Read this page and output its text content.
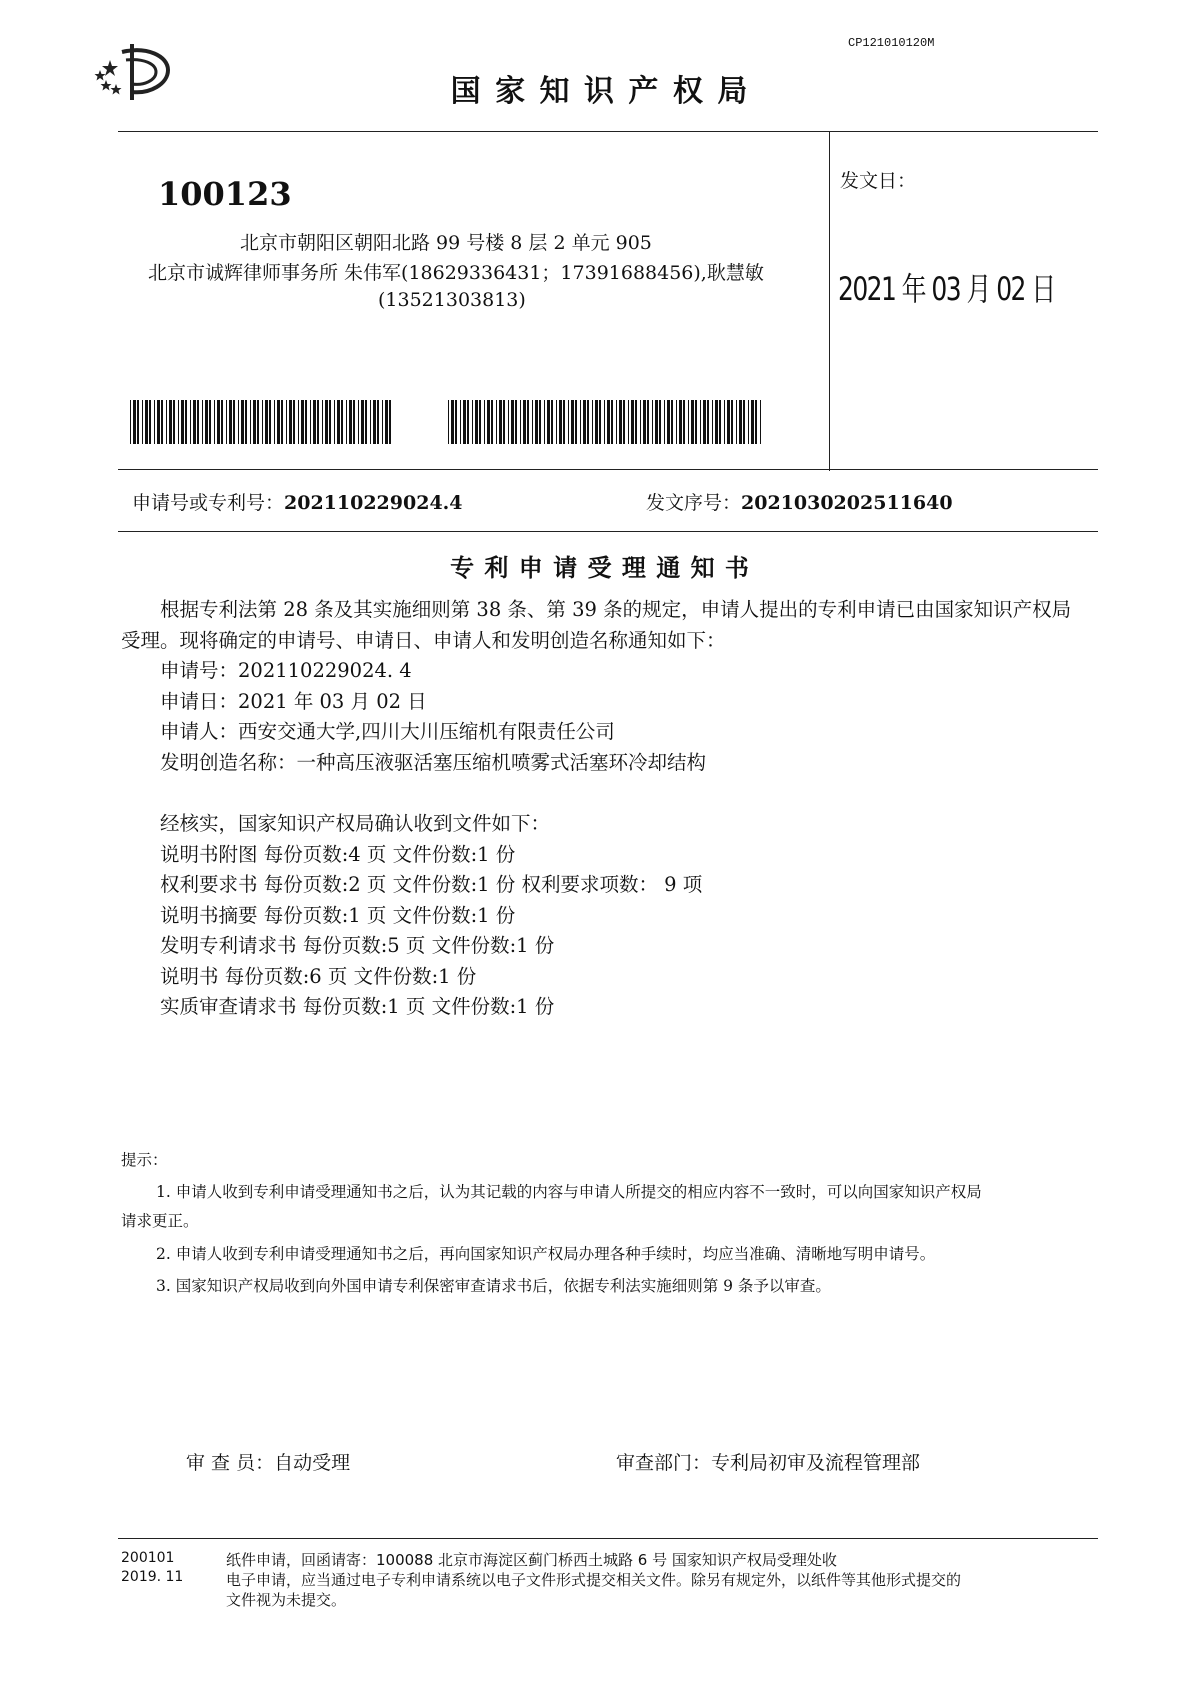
CP121010120M
国 家 知 识 产 权 局
100123
北京市朝阳区朝阳北路 99 号楼 8 层 2 单元 905
北京市诚辉律师事务所 朱伟军(18629336431；17391688456),耿慧敏
(13521303813)
发文日：
2021 年 03 月 02 日
申请号或专利号：202110229024.4	发文序号：2021030202511640
专 利 申 请 受 理 通 知 书
根据专利法第 28 条及其实施细则第 38 条、第 39 条的规定，申请人提出的专利申请已由国家知识产权局
受理。现将确定的申请号、申请日、申请人和发明创造名称通知如下：
申请号：202110229024. 4
申请日：2021 年 03 月 02 日
申请人：西安交通大学,四川大川压缩机有限责任公司
发明创造名称：一种高压液驱活塞压缩机喷雾式活塞环冷却结构
经核实，国家知识产权局确认收到文件如下：
说明书附图 每份页数:4 页 文件份数:1 份
权利要求书 每份页数:2 页 文件份数:1 份 权利要求项数： 9 项
说明书摘要 每份页数:1 页 文件份数:1 份
发明专利请求书 每份页数:5 页 文件份数:1 份
说明书 每份页数:6 页 文件份数:1 份
实质审查请求书 每份页数:1 页 文件份数:1 份
提示：
1. 申请人收到专利申请受理通知书之后，认为其记载的内容与申请人所提交的相应内容不一致时，可以向国家知识产权局
请求更正。
2. 申请人收到专利申请受理通知书之后，再向国家知识产权局办理各种手续时，均应当准确、清晰地写明申请号。
3. 国家知识产权局收到向外国申请专利保密审查请求书后，依据专利法实施细则第 9 条予以审查。
审 查 员：自动受理	审查部门：专利局初审及流程管理部
200101
2019. 11
纸件申请，回函请寄：100088 北京市海淀区蓟门桥西土城路 6 号 国家知识产权局受理处收
电子申请，应当通过电子专利申请系统以电子文件形式提交相关文件。除另有规定外，以纸件等其他形式提交的
文件视为未提交。
